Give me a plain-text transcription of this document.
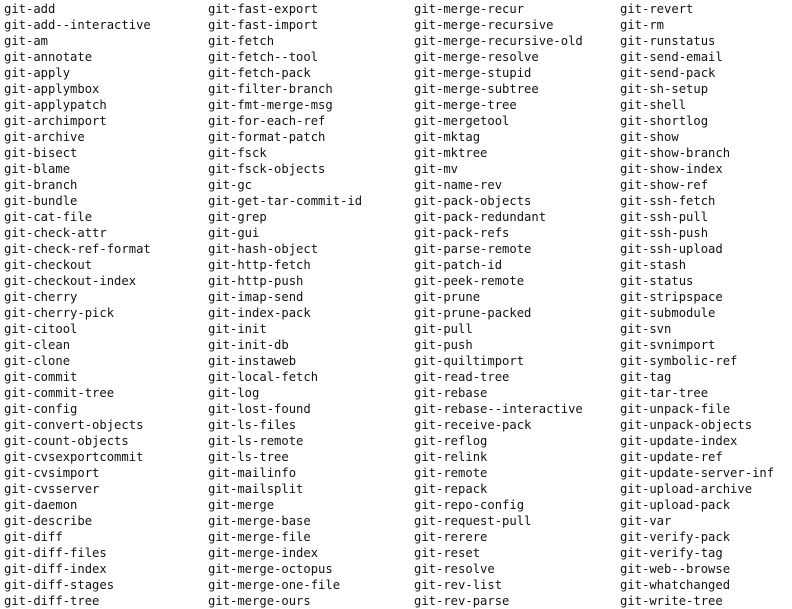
git-add
git-add--interactive
git-am
git-annotate
git-apply
git-applymbox
git-applypatch
git-archimport
git-archive
git-bisect
git-blame
git-branch
git-bundle
git-cat-file
git-check-attr
git-check-ref-format
git-checkout
git-checkout-index
git-cherry
git-cherry-pick
git-citool
git-clean
git-clone
git-commit
git-commit-tree
git-config
git-convert-objects
git-count-objects
git-cvsexportcommit
git-cvsimport
git-cvsserver
git-daemon
git-describe
git-diff
git-diff-files
git-diff-index
git-diff-stages
git-diff-tree
git-fast-export
git-fast-import
git-fetch
git-fetch--tool
git-fetch-pack
git-filter-branch
git-fmt-merge-msg
git-for-each-ref
git-format-patch
git-fsck
git-fsck-objects
git-gc
git-get-tar-commit-id
git-grep
git-gui
git-hash-object
git-http-fetch
git-http-push
git-imap-send
git-index-pack
git-init
git-init-db
git-instaweb
git-local-fetch
git-log
git-lost-found
git-ls-files
git-ls-remote
git-ls-tree
git-mailinfo
git-mailsplit
git-merge
git-merge-base
git-merge-file
git-merge-index
git-merge-octopus
git-merge-one-file
git-merge-ours
git-merge-recur
git-merge-recursive
git-merge-recursive-old
git-merge-resolve
git-merge-stupid
git-merge-subtree
git-merge-tree
git-mergetool
git-mktag
git-mktree
git-mv
git-name-rev
git-pack-objects
git-pack-redundant
git-pack-refs
git-parse-remote
git-patch-id
git-peek-remote
git-prune
git-prune-packed
git-pull
git-push
git-quiltimport
git-read-tree
git-rebase
git-rebase--interactive
git-receive-pack
git-reflog
git-relink
git-remote
git-repack
git-repo-config
git-request-pull
git-rerere
git-reset
git-resolve
git-rev-list
git-rev-parse
git-revert
git-rm
git-runstatus
git-send-email
git-send-pack
git-sh-setup
git-shell
git-shortlog
git-show
git-show-branch
git-show-index
git-show-ref
git-ssh-fetch
git-ssh-pull
git-ssh-push
git-ssh-upload
git-stash
git-status
git-stripspace
git-submodule
git-svn
git-svnimport
git-symbolic-ref
git-tag
git-tar-tree
git-unpack-file
git-unpack-objects
git-update-index
git-update-ref
git-update-server-inf
git-upload-archive
git-upload-pack
git-var
git-verify-pack
git-verify-tag
git-web--browse
git-whatchanged
git-write-tree
